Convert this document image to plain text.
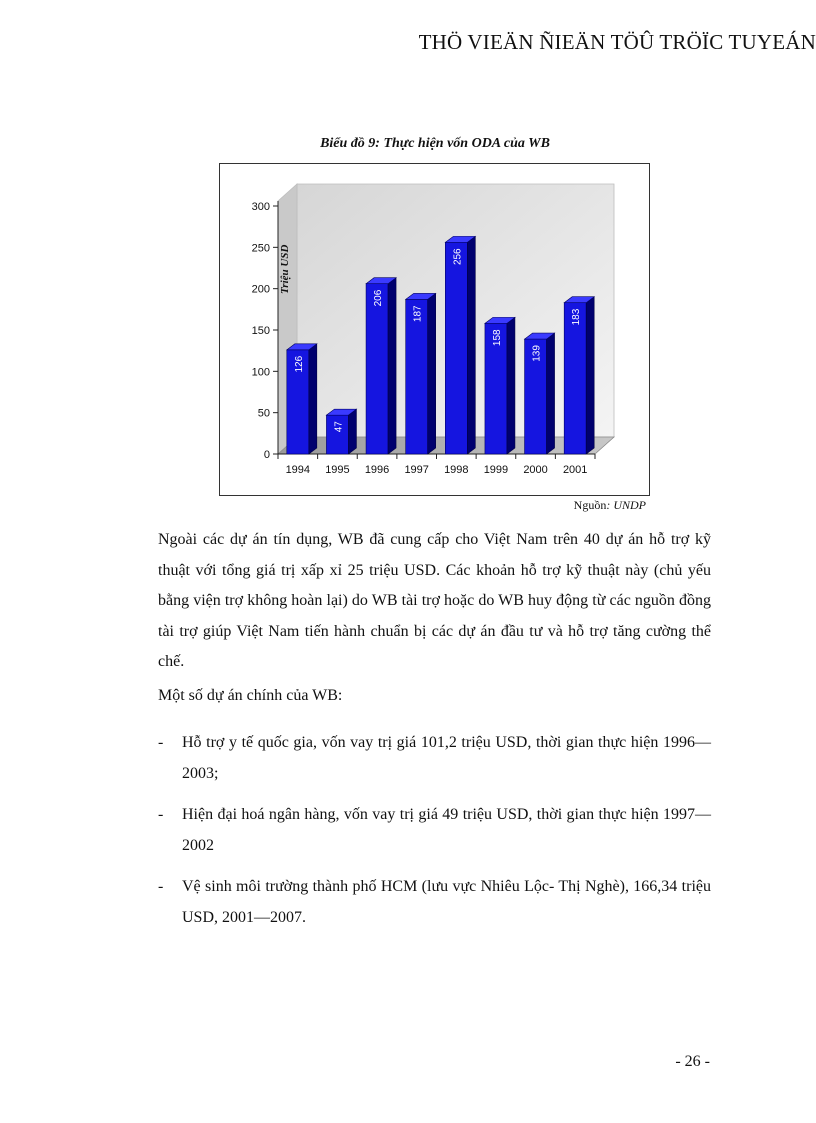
THÖ VIEÄN ÑIEÄN TÖÛ TRÖÏC TUYEÁN
Biểu đồ 9: Thực hiện vốn ODA của WB
0
50
100
150
200
250
300
Triệu USD
1994
126
1995
47
1996
206
1997
187
1998
256
1999
158
2000
139
2001
183
Nguồn: UNDP

Ngoài các dự án tín dụng, WB đã cung cấp cho Việt Nam trên 40 dự án hỗ trợ kỹ thuật với tổng giá trị xấp xỉ 25 triệu USD. Các khoản hỗ trợ kỹ thuật này (chủ yếu bằng viện trợ không hoàn lại) do WB tài trợ hoặc do WB huy động từ các nguồn đồng tài trợ giúp Việt Nam tiến hành chuẩn bị các dự án đầu tư và hỗ trợ tăng cường thể chế.

Một số dự án chính của WB:

- Hỗ trợ y tế quốc gia, vốn vay trị giá 101,2 triệu USD, thời gian thực hiện 1996—2003;
- Hiện đại hoá ngân hàng, vốn vay trị giá 49 triệu USD, thời gian thực hiện 1997—2002
- Vệ sinh môi trường thành phố HCM (lưu vực Nhiêu Lộc- Thị Nghè), 166,34 triệu USD, 2001—2007.
- 26 -
